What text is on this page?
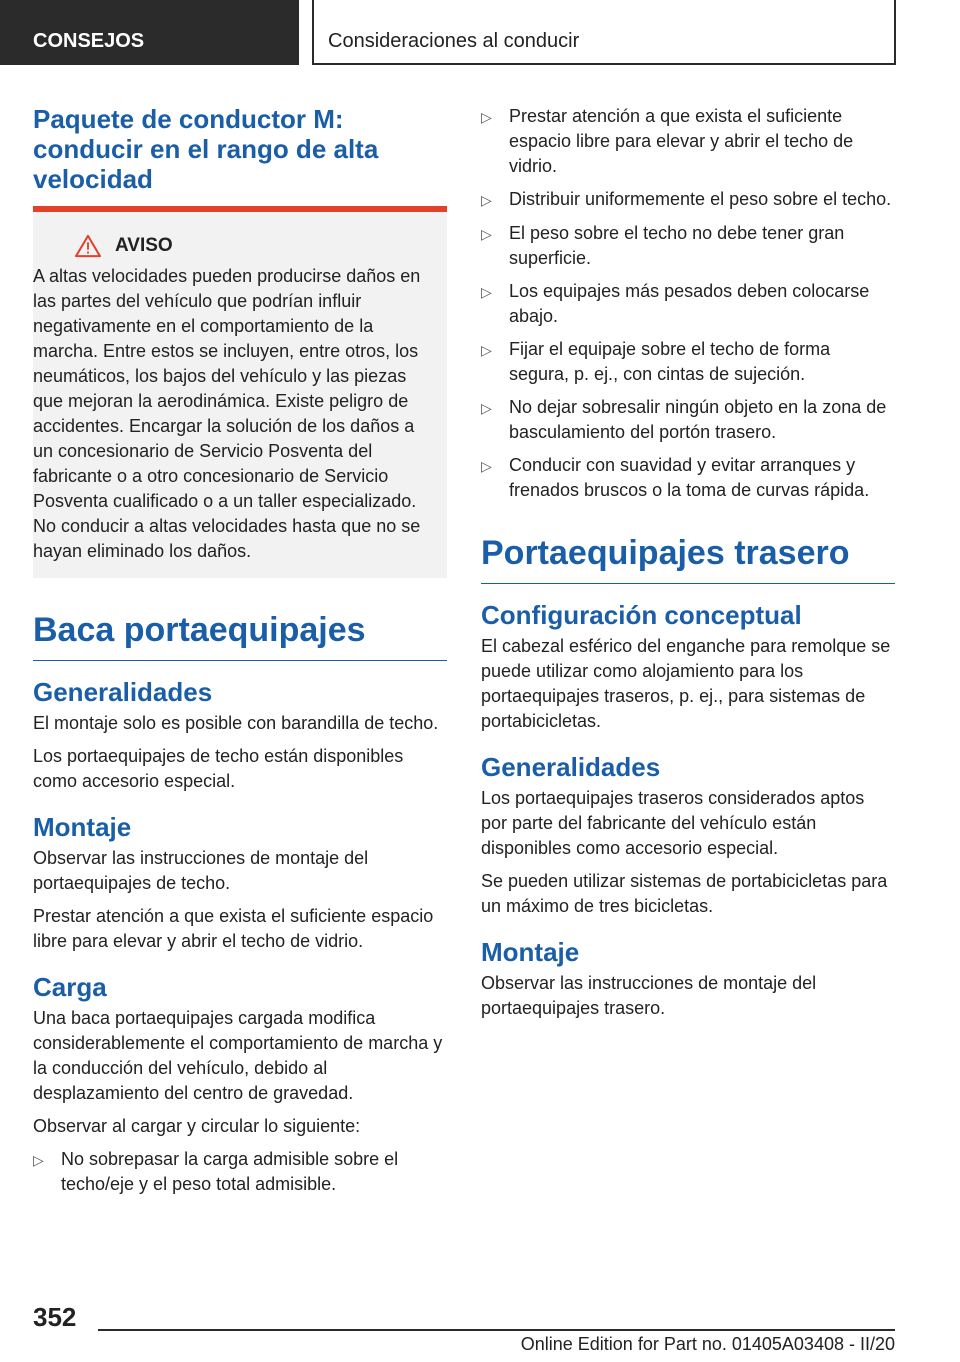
CONSEJOS	Consideraciones al conducir
Paquete de conductor M: conducir en el rango de alta velocidad
AVISO

A altas velocidades pueden producirse daños en las partes del vehículo que podrían influir negativamente en el comportamiento de la marcha. Entre estos se incluyen, entre otros, los neumáticos, los bajos del vehículo y las piezas que mejoran la aerodinámica. Existe peligro de accidentes. Encargar la solución de los daños a un concesionario de Servicio Posventa del fabricante o a otro concesionario de Servicio Posventa cualificado o a un taller especializado. No conducir a altas velocidades hasta que no se hayan eliminado los daños.

Baca portaequipajes
Generalidades

El montaje solo es posible con barandilla de techo.

Los portaequipajes de techo están disponibles como accesorio especial.

Montaje

Observar las instrucciones de montaje del portaequipajes de techo.

Prestar atención a que exista el suficiente espacio libre para elevar y abrir el techo de vidrio.

Carga

Una baca portaequipajes cargada modifica considerablemente el comportamiento de marcha y la conducción del vehículo, debido al desplazamiento del centro de gravedad.

Observar al cargar y circular lo siguiente:

▷ No sobrepasar la carga admisible sobre el techo/eje y el peso total admisible.
▷ Prestar atención a que exista el suficiente espacio libre para elevar y abrir el techo de vidrio.
▷ Distribuir uniformemente el peso sobre el techo.
▷ El peso sobre el techo no debe tener gran superficie.
▷ Los equipajes más pesados deben colocarse abajo.
▷ Fijar el equipaje sobre el techo de forma segura, p. ej., con cintas de sujeción.
▷ No dejar sobresalir ningún objeto en la zona de basculamiento del portón trasero.
▷ Conducir con suavidad y evitar arranques y frenados bruscos o la toma de curvas rápida.
Portaequipajes trasero
Configuración conceptual

El cabezal esférico del enganche para remolque se puede utilizar como alojamiento para los portaequipajes traseros, p. ej., para sistemas de portabicicletas.

Generalidades

Los portaequipajes traseros considerados aptos por parte del fabricante del vehículo están disponibles como accesorio especial.

Se pueden utilizar sistemas de portabicicletas para un máximo de tres bicicletas.

Montaje

Observar las instrucciones de montaje del portaequipajes trasero.

352
Online Edition for Part no. 01405A03408 - II/20
